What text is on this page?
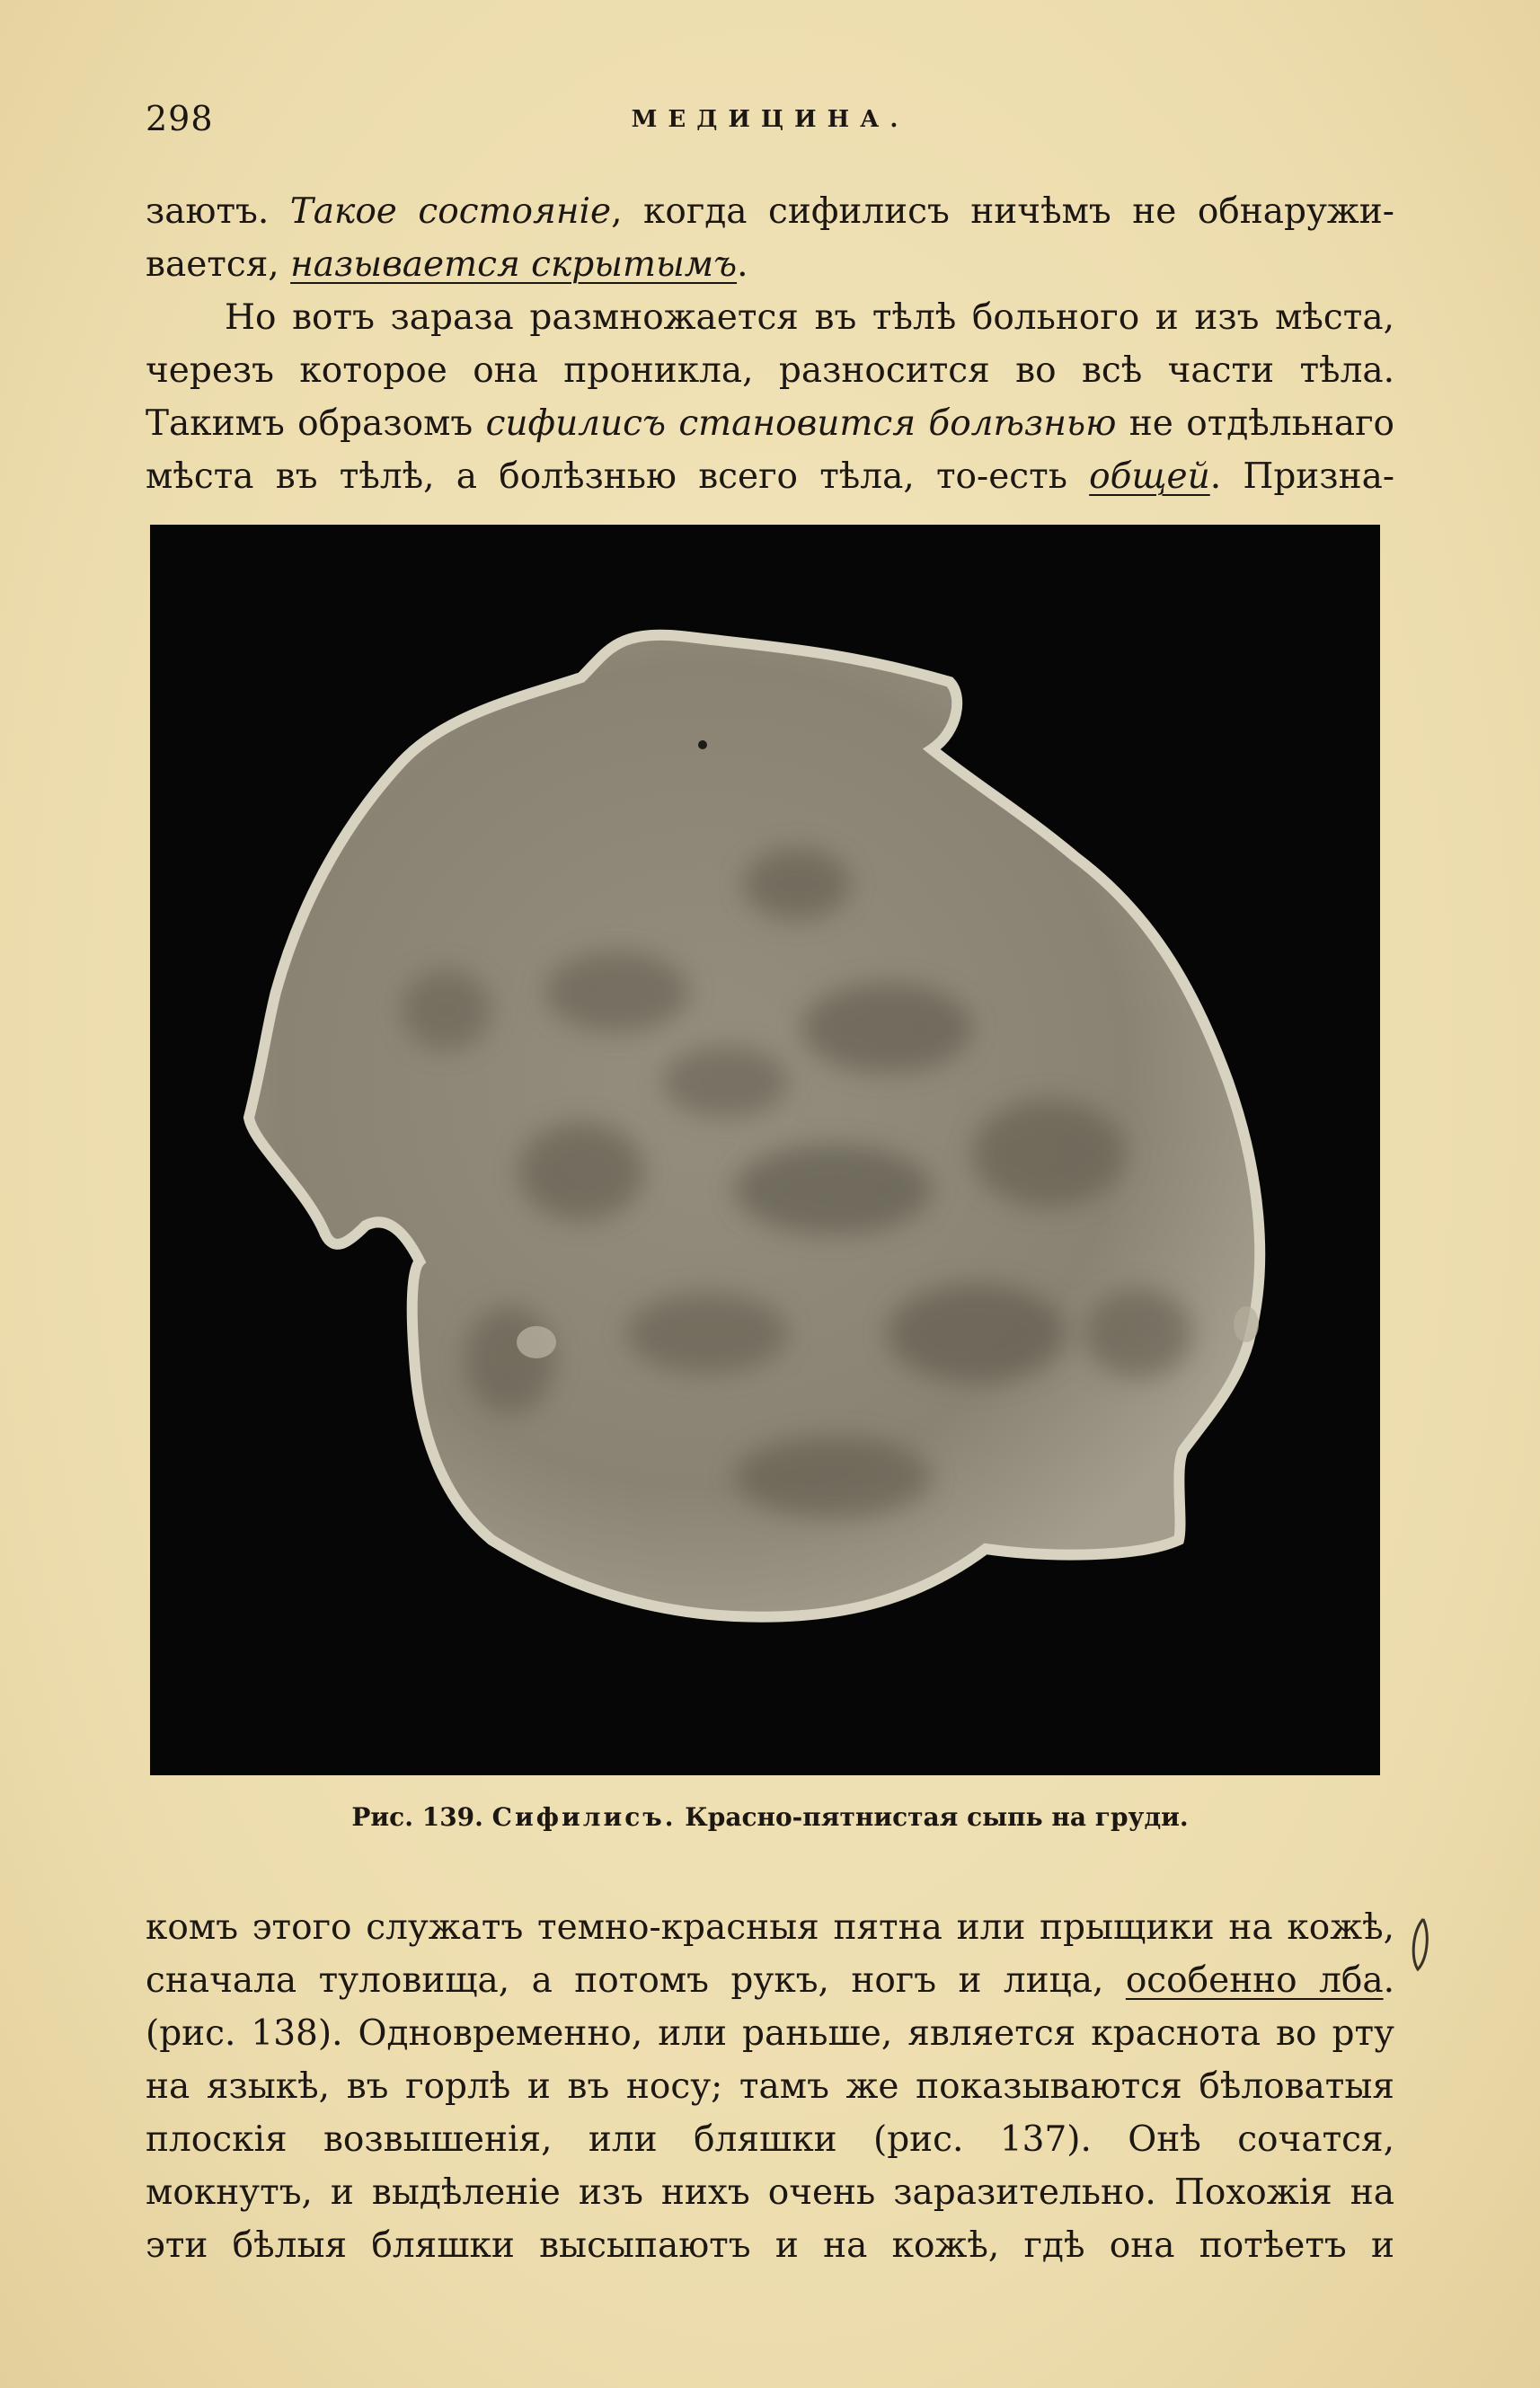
298	МЕДИЦИНА.
заютъ. Такое состоянiе, когда сифилисъ ничѣмъ не обнаружи-
вается, называется скрытымъ.
Но вотъ зараза размножается въ тѣлѣ больного и изъ мѣста,
черезъ которое она проникла, разносится во всѣ части тѣла.
Такимъ образомъ сифилисъ становится болѣзнью не отдѣльнаго
мѣста въ тѣлѣ, а болѣзнью всего тѣла, то-есть общей. Призна-
Рис. 139. Сифилисъ. Красно-пятнистая сыпь на груди.
комъ этого служатъ темно-красныя пятна или прыщики на кожѣ,
сначала туловища, а потомъ рукъ, ногъ и лица, особенно лба.
(рис. 138). Одновременно, или раньше, является краснота во рту
на языкѣ, въ горлѣ и въ носу; тамъ же показываются бѣловатыя
плоскiя возвышенiя, или бляшки (рис. 137). Онѣ сочатся,
мокнутъ, и выдѣленiе изъ нихъ очень заразительно. Похожiя на
эти бѣлыя бляшки высыпаютъ и на кожѣ, гдѣ она потѣетъ и
